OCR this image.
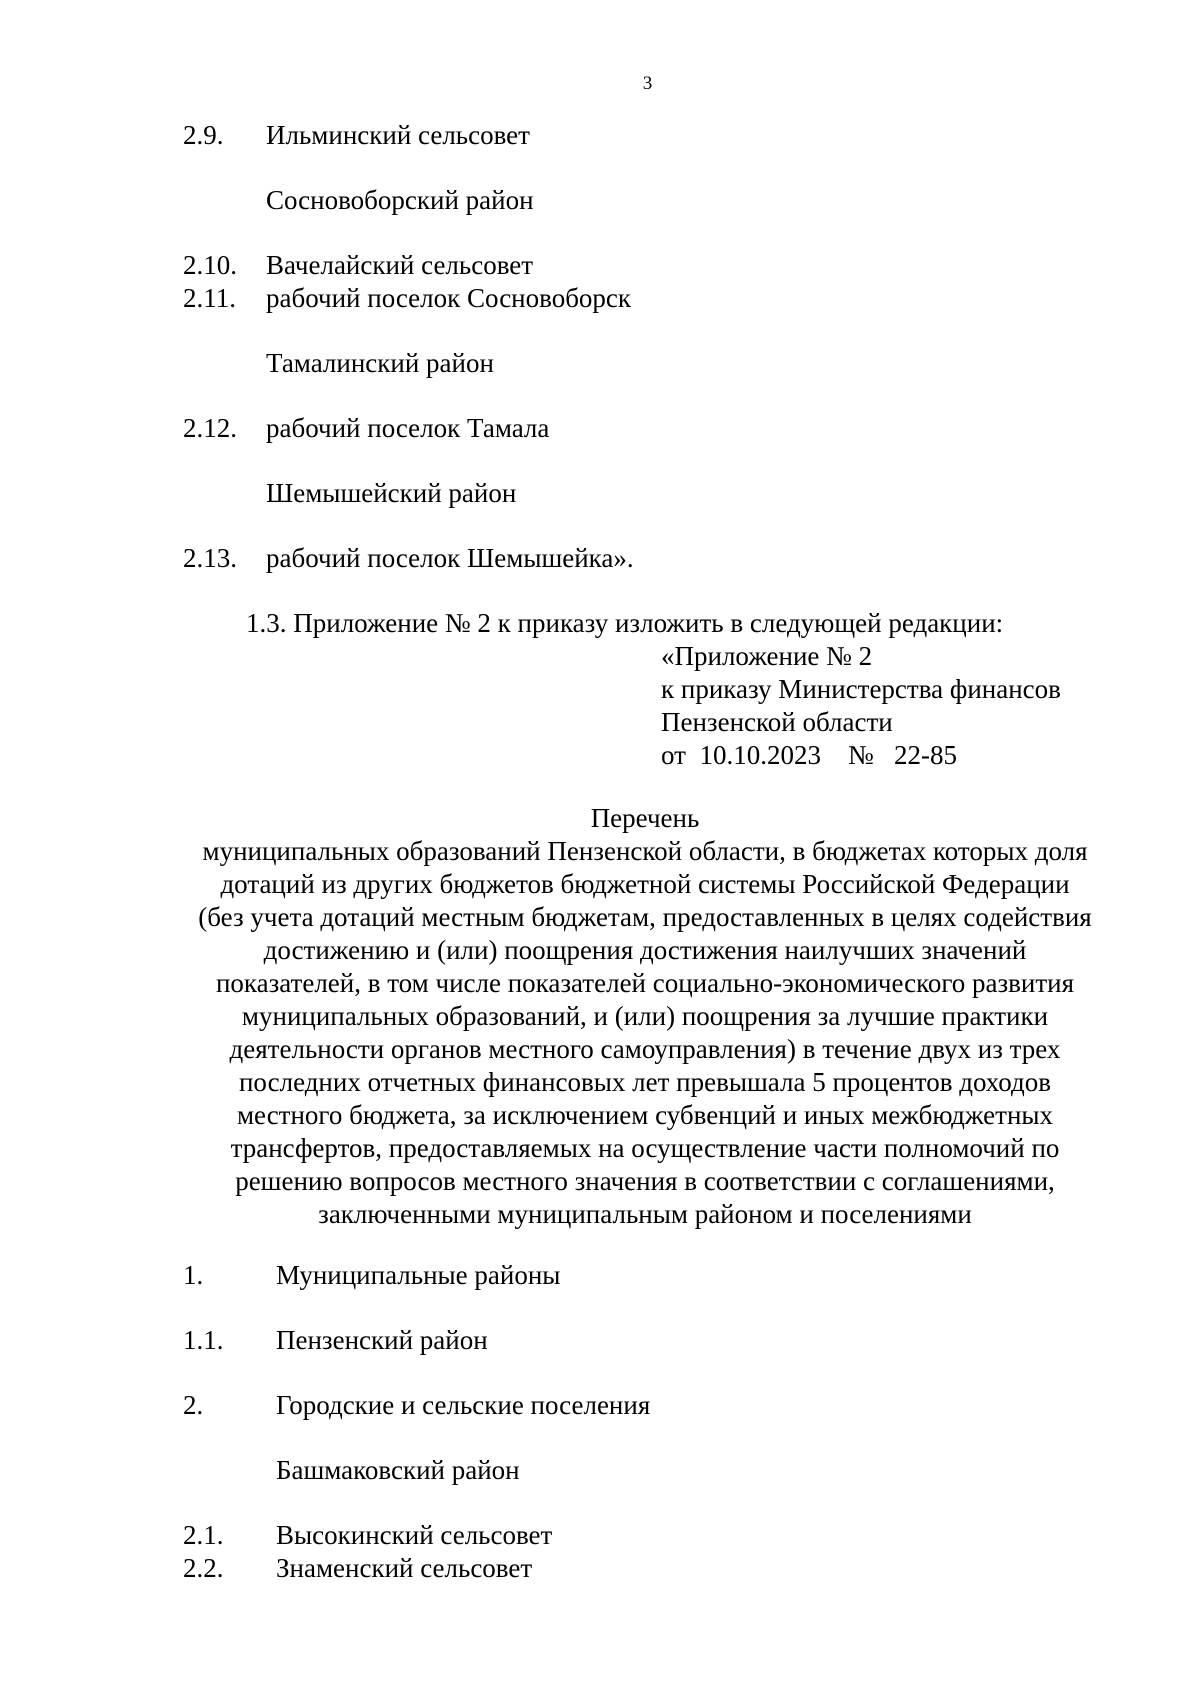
3
2.9. Ильминский сельсовет
Сосновоборский район
2.10. Вачелайский сельсовет
2.11. рабочий поселок Сосновоборск
Тамалинский район
2.12. рабочий поселок Тамала
Шемышейский район
2.13. рабочий поселок Шемышейка».
1.3. Приложение № 2 к приказу изложить в следующей редакции:
«Приложение № 2
к приказу Министерства финансов
Пензенской области
от  10.10.2023    №   22-85
Перечень
муниципальных образований Пензенской области, в бюджетах которых доля
дотаций из других бюджетов бюджетной системы Российской Федерации
(без учета дотаций местным бюджетам, предоставленных в целях содействия
достижению и (или) поощрения достижения наилучших значений
показателей, в том числе показателей социально-экономического развития
муниципальных образований, и (или) поощрения за лучшие практики
деятельности органов местного самоуправления) в течение двух из трех
последних отчетных финансовых лет превышала 5 процентов доходов
местного бюджета, за исключением субвенций и иных межбюджетных
трансфертов, предоставляемых на осуществление части полномочий по
решению вопросов местного значения в соответствии с соглашениями,
заключенными муниципальным районом и поселениями
1.	Муниципальные районы
1.1. Пензенский район
2.	Городские и сельские поселения
Башмаковский район
2.1. Высокинский сельсовет
2.2. Знаменский сельсовет
